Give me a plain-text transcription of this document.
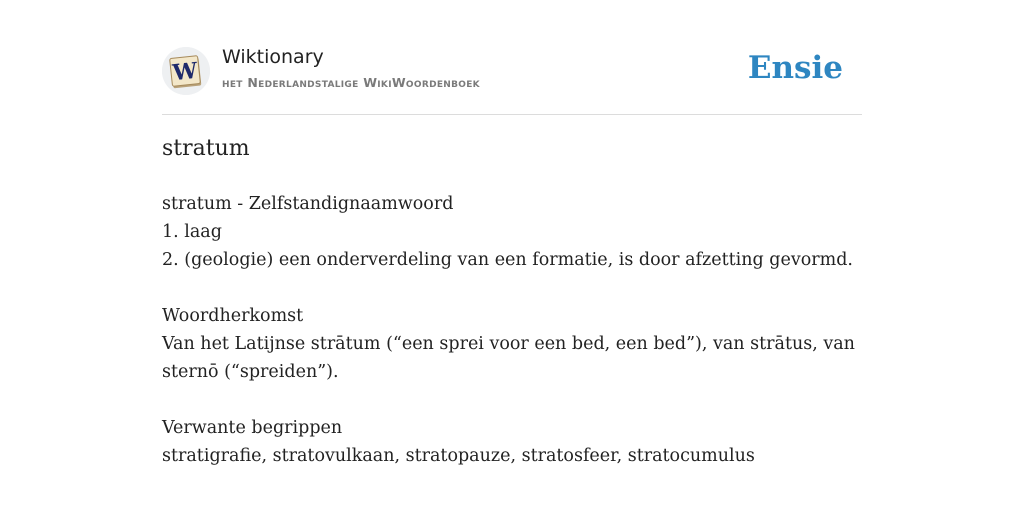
W
Wiktionary
het Nederlandstalige WikiWoordenboek	Ensie
stratum
stratum - Zelfstandignaamwoord
1. laag
2. (geologie) een onderverdeling van een formatie, is door afzetting gevormd.
Woordherkomst
Van het Latijnse strātum (“een sprei voor een bed, een bed”), van strātus, van sternō (“spreiden”).
Verwante begrippen
stratigrafie, stratovulkaan, stratopauze, stratosfeer, stratocumulus
